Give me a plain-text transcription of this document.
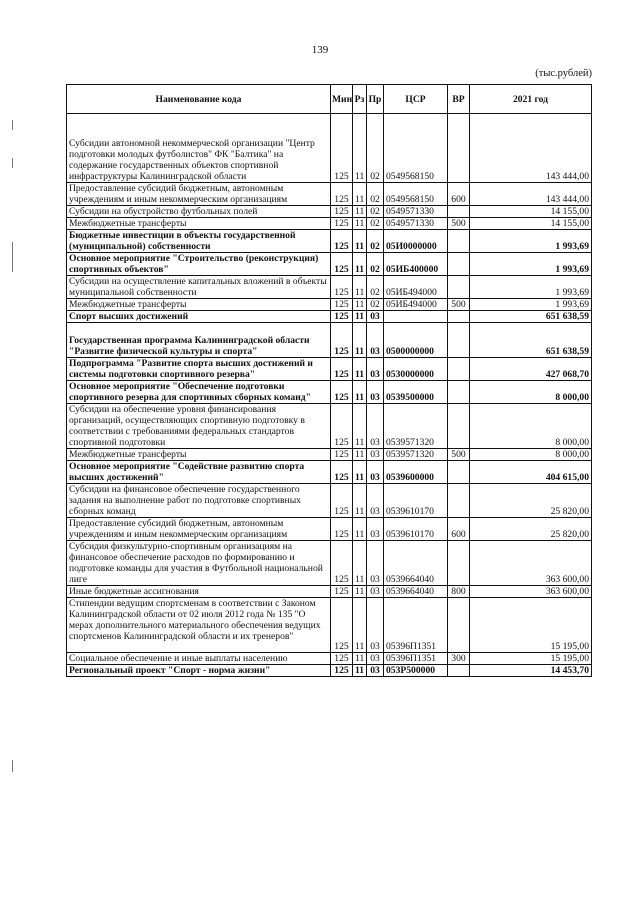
139
(тыс.рублей)
Наименование кода	Мин	Рз	Пр	ЦСР	ВР	2021 год
Субсидии автономной некоммерческой организации "Центр подготовки молодых футболистов" ФК "Балтика" на содержание государственных объектов спортивной инфраструктуры Калининградской области	125	11	02	0549568150		143 444,00
Предоставление субсидий бюджетным, автономным учреждениям и иным некоммерческим организациям	125	11	02	0549568150	600	143 444,00
Субсидии на обустройство футбольных полей	125	11	02	0549571330		14 155,00
Межбюджетные трансферты	125	11	02	0549571330	500	14 155,00
Бюджетные инвестиции в объекты государственной (муниципальной) собственности	125	11	02	05И0000000		1 993,69
Основное мероприятие "Строительство (реконструкция) спортивных объектов"	125	11	02	05ИБ400000		1 993,69
Субсидии на осуществление капитальных вложений в объекты муниципальной собственности	125	11	02	05ИБ494000		1 993,69
Межбюджетные трансферты	125	11	02	05ИБ494000	500	1 993,69
Спорт высших достижений	125	11	03			651 638,59
Государственная программа Калининградской области "Развитие физической культуры и спорта"	125	11	03	0500000000		651 638,59
Подпрограмма "Развитие спорта высших достижений и системы подготовки спортивного резерва"	125	11	03	0530000000		427 068,70
Основное мероприятие "Обеспечение подготовки спортивного резерва для спортивных сборных команд"	125	11	03	0539500000		8 000,00
Субсидии на обеспечение уровня финансирования организаций, осуществляющих спортивную подготовку в соответствии с требованиями федеральных стандартов спортивной подготовки	125	11	03	0539571320		8 000,00
Межбюджетные трансферты	125	11	03	0539571320	500	8 000,00
Основное мероприятие "Содействие развитию спорта высших достижений"	125	11	03	0539600000		404 615,00
Субсидии на финансовое обеспечение государственного задания на выполнение работ по подготовке спортивных сборных команд	125	11	03	0539610170		25 820,00
Предоставление субсидий бюджетным, автономным учреждениям и иным некоммерческим организациям	125	11	03	0539610170	600	25 820,00
Субсидия физкультурно-спортивным организациям на финансовое обеспечение расходов по формированию и подготовке команды для участия в Футбольной национальной лиге	125	11	03	0539664040		363 600,00
Иные бюджетные ассигнования	125	11	03	0539664040	800	363 600,00
Стипендии ведущим спортсменам в соответствии с Законом Калининградской области от 02 июля 2012 года № 135 "О мерах дополнительного материального обеспечения ведущих спортсменов Калининградской области и их тренеров"	125	11	03	05396П1351		15 195,00
Социальное обеспечение и иные выплаты населению	125	11	03	05396П1351	300	15 195,00
Региональный проект "Спорт - норма жизни"	125	11	03	053P500000		14 453,70
